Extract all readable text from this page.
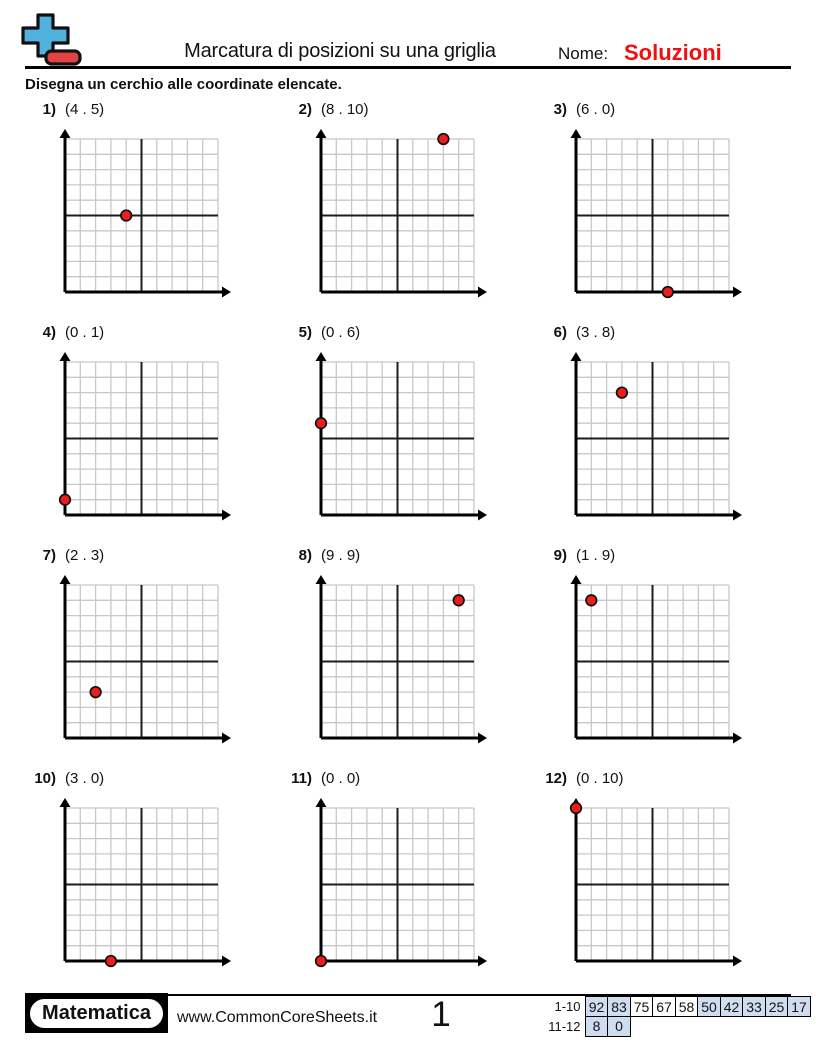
Marcatura di posizioni su una griglia	Nome: Soluzioni
Disegna un cerchio alle coordinate elencate.
1) (4 . 5)	2) (8 . 10)	3) (6 . 0)
4) (0 . 1)	5) (0 . 6)	6) (3 . 8)
7) (2 . 3)	8) (9 . 9)	9) (1 . 9)
10) (3 . 0)	11) (0 . 0)	12) (0 . 10)
Matematica	www.CommonCoreSheets.it 1	1-10 92 83 75 67 58 50 42 33 25 17
11-12 8	0
